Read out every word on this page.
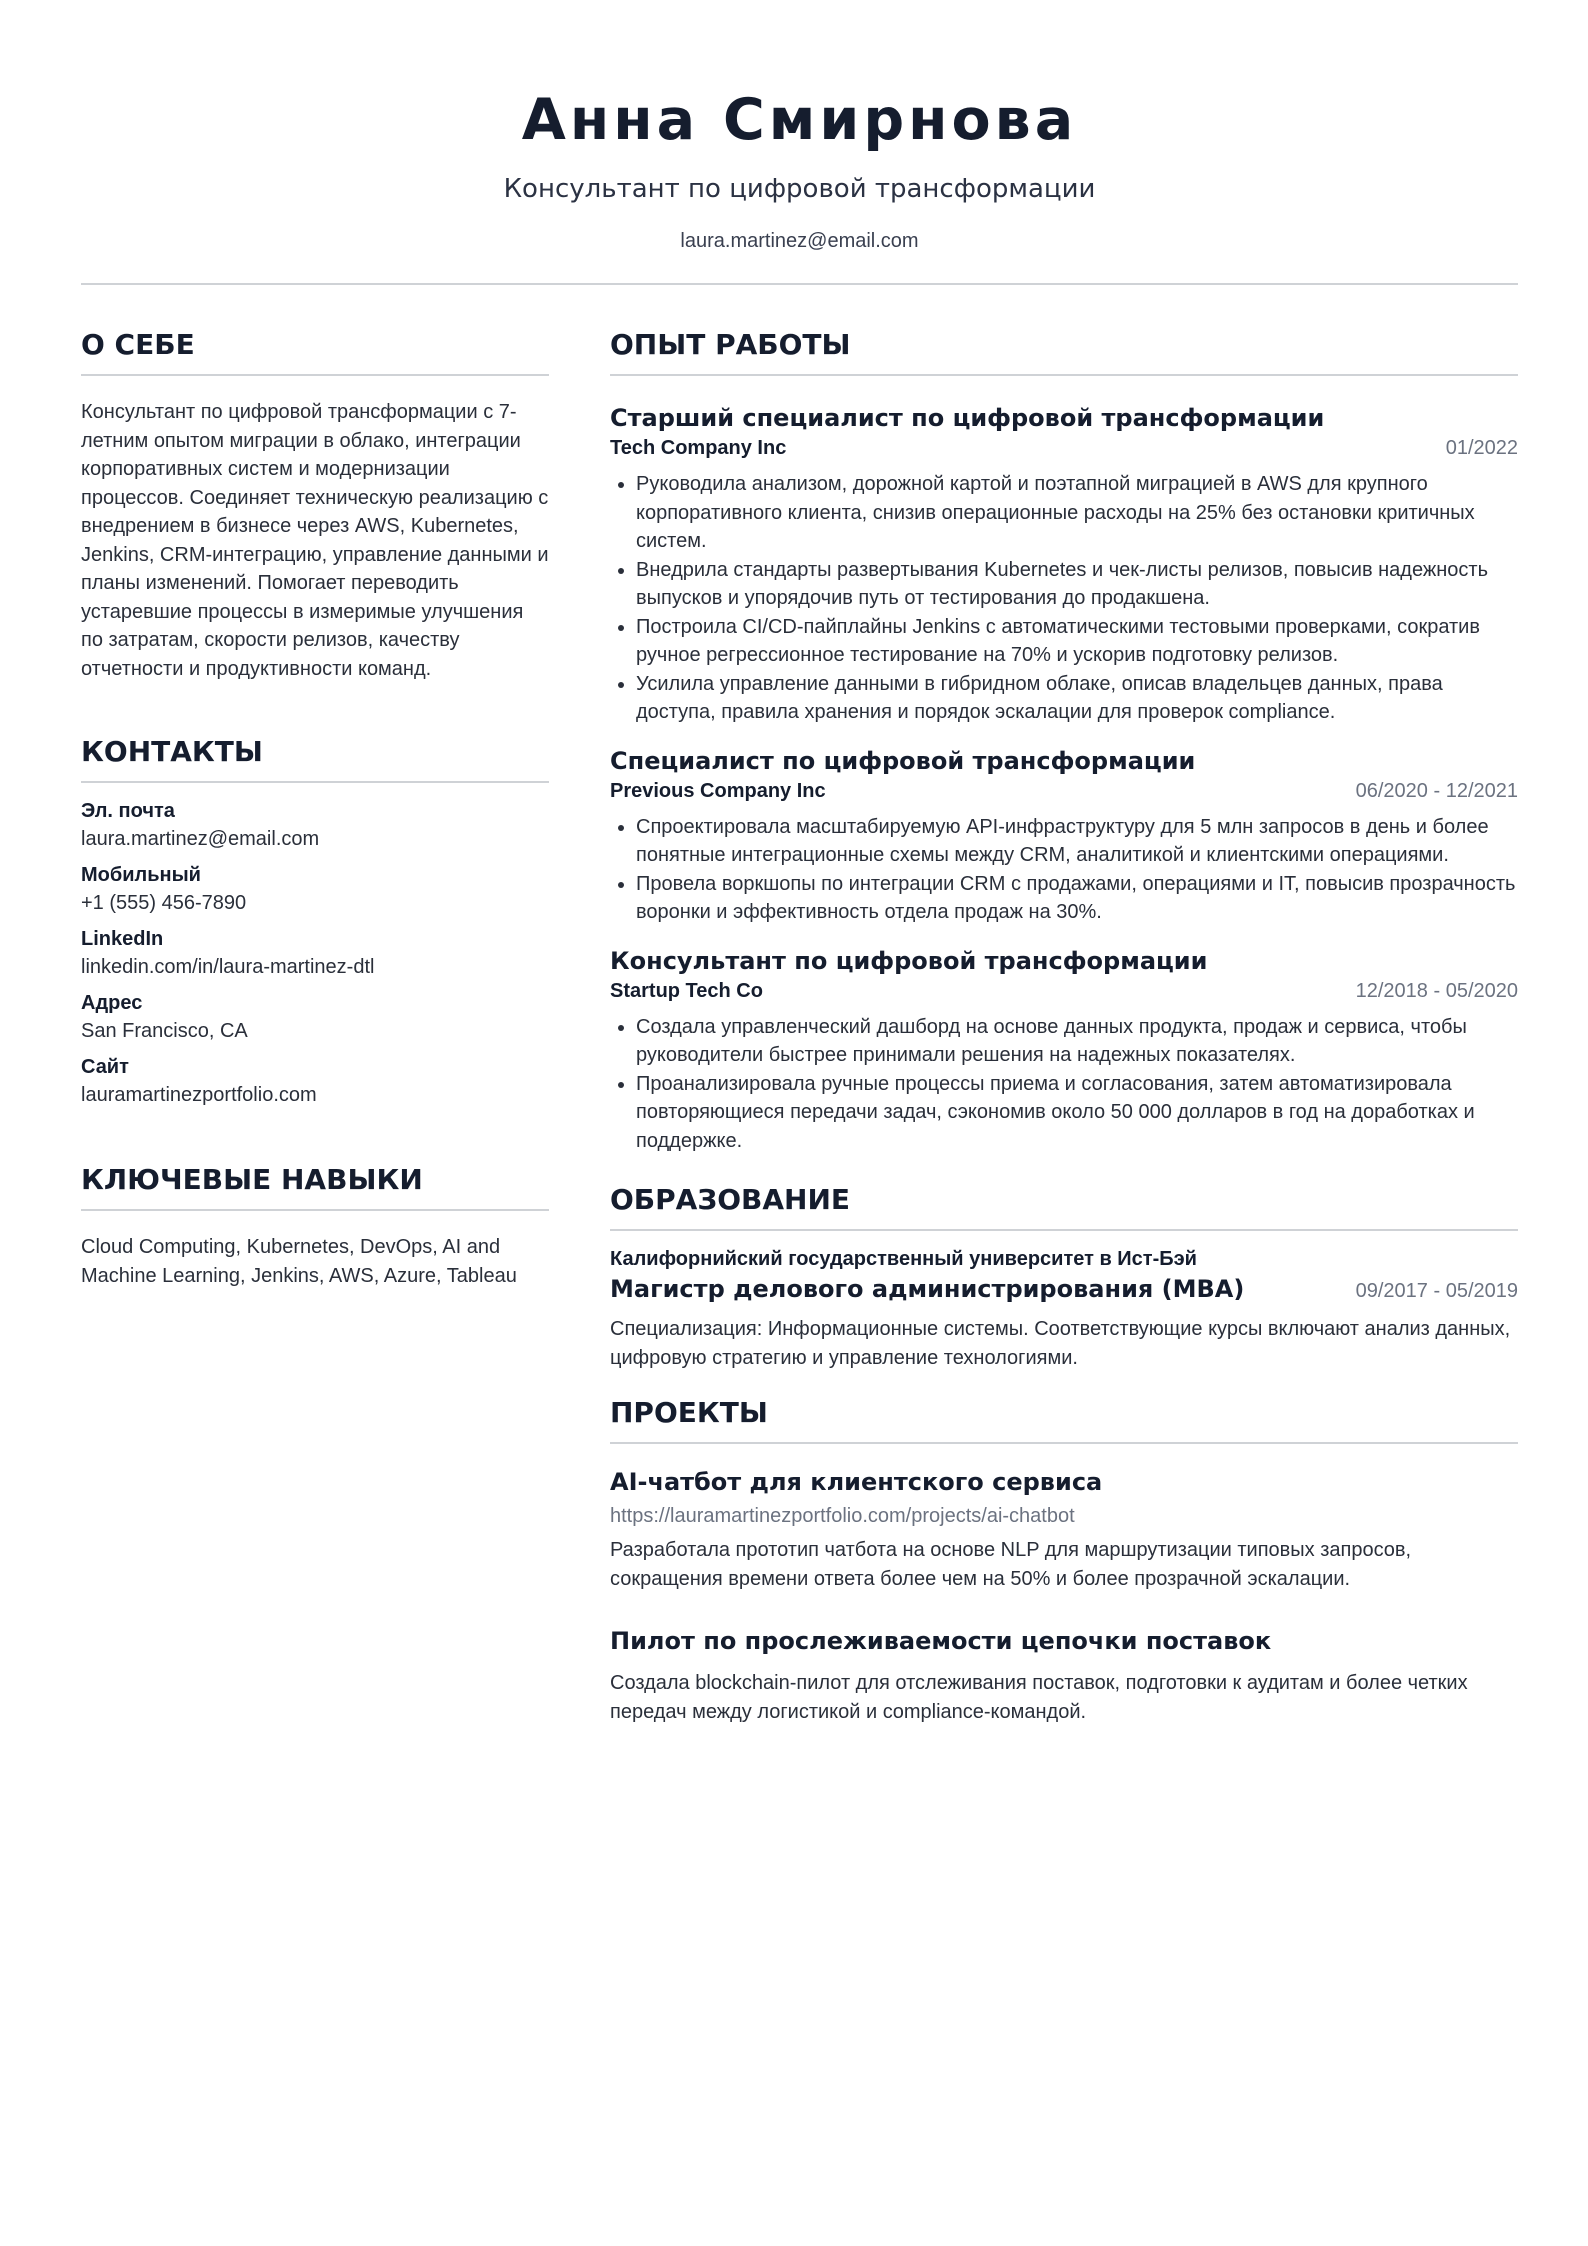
Анна Смирнова
Консультант по цифровой трансформации
laura.martinez@email.com
О СЕБЕ
Консультант по цифровой трансформации с 7-летним опытом миграции в облако, интеграции корпоративных систем и модернизации процессов. Соединяет техническую реализацию с внедрением в бизнесе через AWS, Kubernetes, Jenkins, CRM-интеграцию, управление данными и планы изменений. Помогает переводить устаревшие процессы в измеримые улучшения по затратам, скорости релизов, качеству отчетности и продуктивности команд.
КОНТАКТЫ
Эл. почта
laura.martinez@email.com
Мобильный
+1 (555) 456-7890
LinkedIn
linkedin.com/in/laura-martinez-dtl
Адрес
San Francisco, CA
Сайт
lauramartinezportfolio.com
КЛЮЧЕВЫЕ НАВЫКИ
Cloud Computing, Kubernetes, DevOps, AI and Machine Learning, Jenkins, AWS, Azure, Tableau
ОПЫТ РАБОТЫ
Старший специалист по цифровой трансформации
Tech Company Inc	01/2022
• Руководила анализом, дорожной картой и поэтапной миграцией в AWS для крупного корпоративного клиента, снизив операционные расходы на 25% без остановки критичных систем.
• Внедрила стандарты развертывания Kubernetes и чек-листы релизов, повысив надежность выпусков и упорядочив путь от тестирования до продакшена.
• Построила CI/CD-пайплайны Jenkins с автоматическими тестовыми проверками, сократив ручное регрессионное тестирование на 70% и ускорив подготовку релизов.
• Усилила управление данными в гибридном облаке, описав владельцев данных, права доступа, правила хранения и порядок эскалации для проверок compliance.
Специалист по цифровой трансформации
Previous Company Inc	06/2020 - 12/2021
• Спроектировала масштабируемую API-инфраструктуру для 5 млн запросов в день и более понятные интеграционные схемы между CRM, аналитикой и клиентскими операциями.
• Провела воркшопы по интеграции CRM с продажами, операциями и IT, повысив прозрачность воронки и эффективность отдела продаж на 30%.
Консультант по цифровой трансформации
Startup Tech Co	12/2018 - 05/2020
• Создала управленческий дашборд на основе данных продукта, продаж и сервиса, чтобы руководители быстрее принимали решения на надежных показателях.
• Проанализировала ручные процессы приема и согласования, затем автоматизировала повторяющиеся передачи задач, сэкономив около 50 000 долларов в год на доработках и поддержке.
ОБРАЗОВАНИЕ
Калифорнийский государственный университет в Ист-Бэй
Магистр делового администрирования (MBA)	09/2017 - 05/2019
Специализация: Информационные системы. Соответствующие курсы включают анализ данных, цифровую стратегию и управление технологиями.
ПРОЕКТЫ
AI-чатбот для клиентского сервиса
https://lauramartinezportfolio.com/projects/ai-chatbot
Разработала прототип чатбота на основе NLP для маршрутизации типовых запросов, сокращения времени ответа более чем на 50% и более прозрачной эскалации.
Пилот по прослеживаемости цепочки поставок
Создала blockchain-пилот для отслеживания поставок, подготовки к аудитам и более четких передач между логистикой и compliance-командой.
